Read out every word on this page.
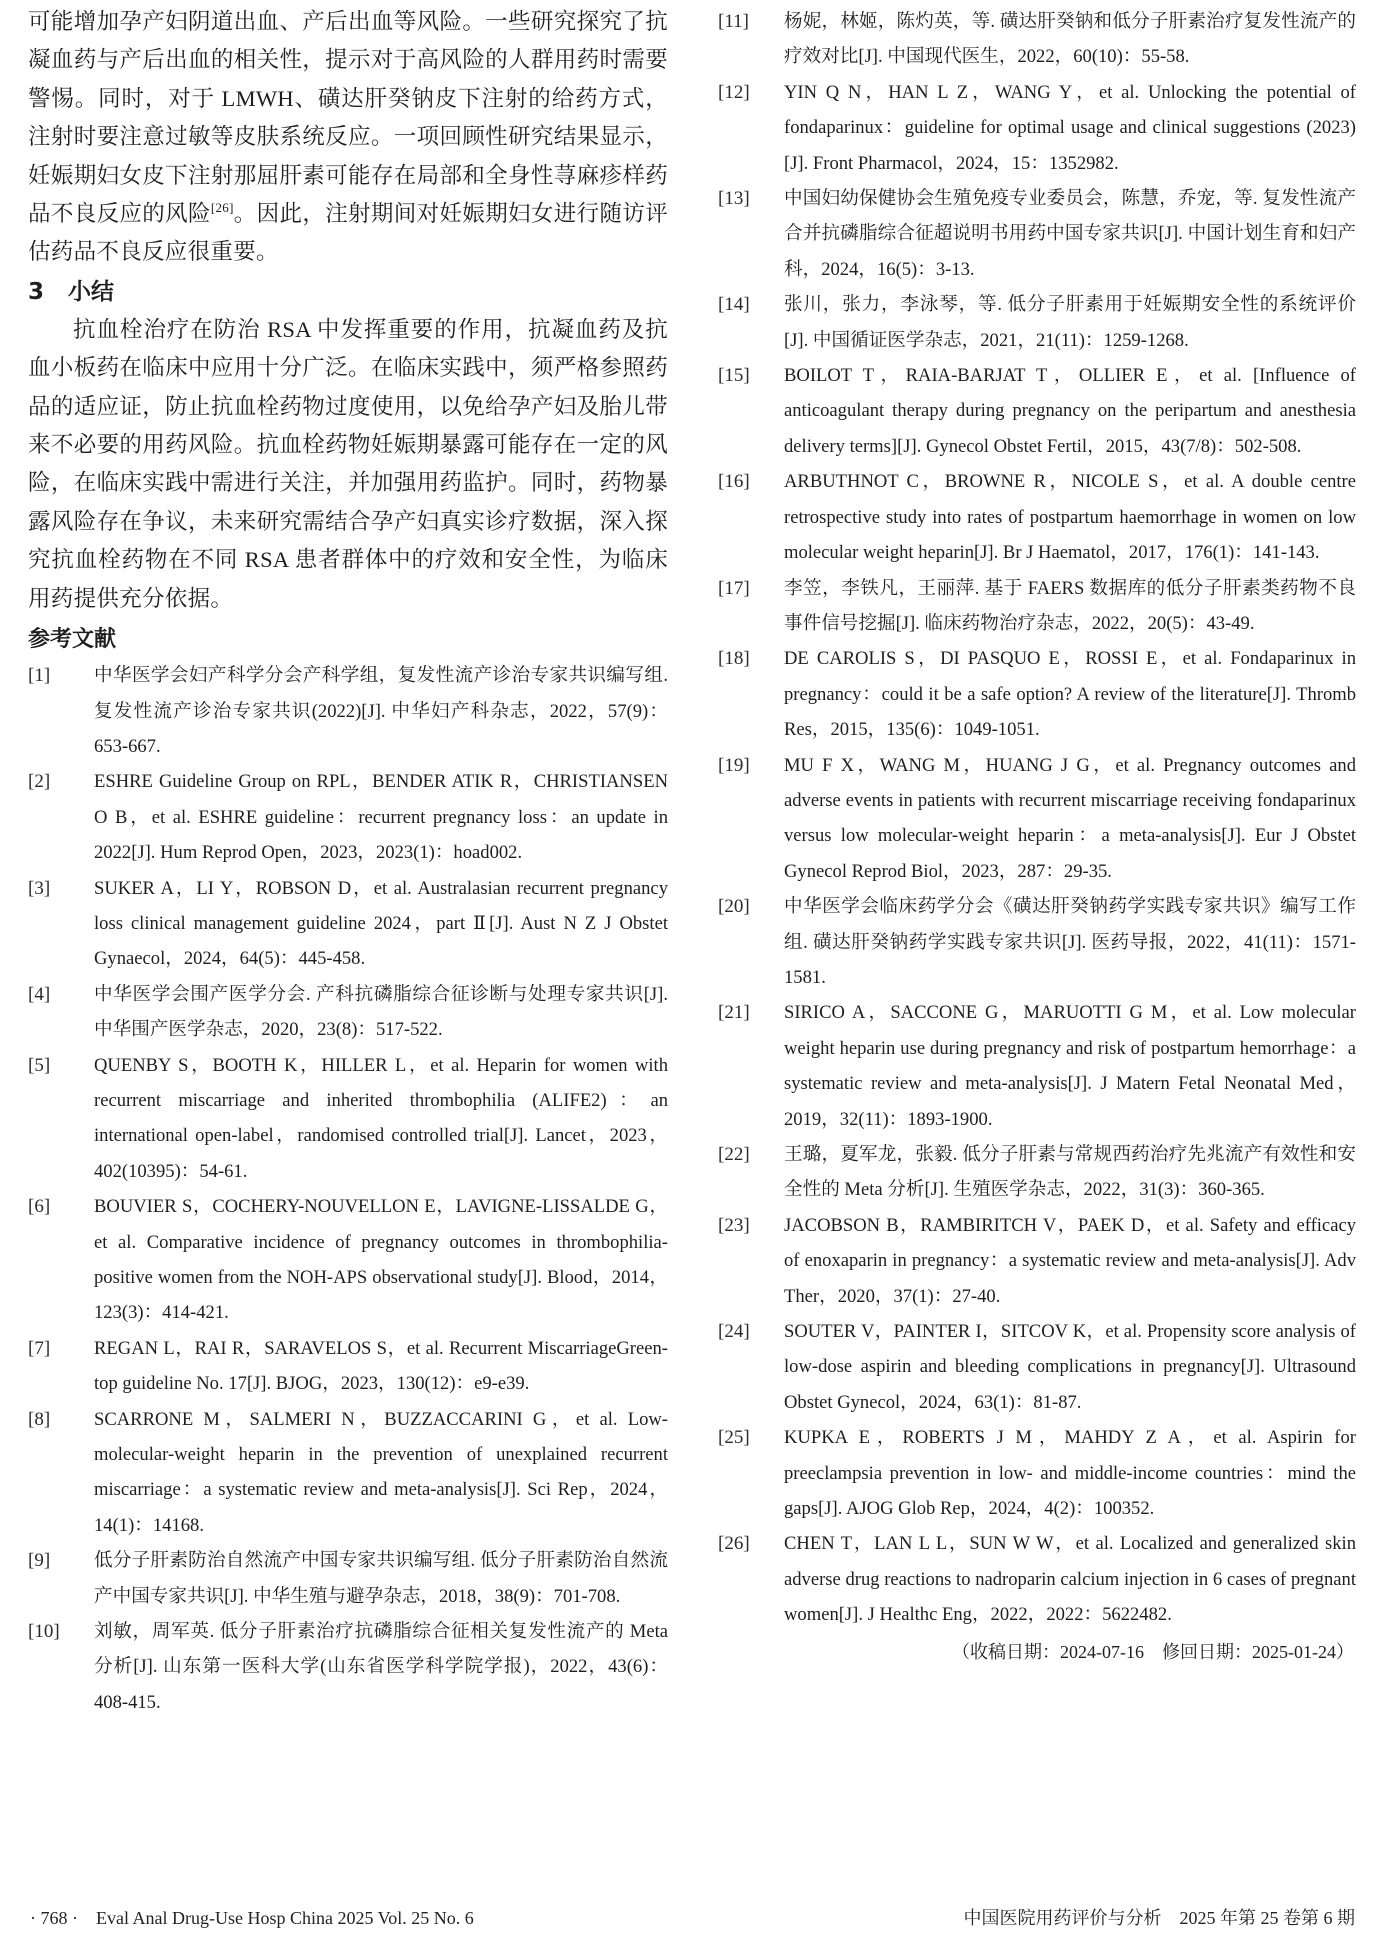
可能增加孕产妇阴道出血、产后出血等风险。一些研究探究了抗凝血药与产后出血的相关性，提示对于高风险的人群用药时需要警惕。同时，对于 LMWH、磺达肝癸钠皮下注射的给药方式，注射时要注意过敏等皮肤系统反应。一项回顾性研究结果显示，妊娠期妇女皮下注射那屈肝素可能存在局部和全身性荨麻疹样药品不良反应的风险[26]。因此，注射期间对妊娠期妇女进行随访评估药品不良反应很重要。

3 小结

抗血栓治疗在防治 RSA 中发挥重要的作用，抗凝血药及抗血小板药在临床中应用十分广泛。在临床实践中，须严格参照药品的适应证，防止抗血栓药物过度使用，以免给孕产妇及胎儿带来不必要的用药风险。抗血栓药物妊娠期暴露可能存在一定的风险，在临床实践中需进行关注，并加强用药监护。同时，药物暴露风险存在争议，未来研究需结合孕产妇真实诊疗数据，深入探究抗血栓药物在不同 RSA 患者群体中的疗效和安全性，为临床用药提供充分依据。

参考文献
[1] 中华医学会妇产科学分会产科学组，复发性流产诊治专家共识编写组. 复发性流产诊治专家共识(2022)[J]. 中华妇产科杂志，2022，57(9)：653-667.
[2] ESHRE Guideline Group on RPL，BENDER ATIK R，CHRISTIANSEN O B，et al. ESHRE guideline：recurrent pregnancy loss：an update in 2022[J]. Hum Reprod Open，2023，2023(1)：hoad002.
[3] SUKER A，LI Y，ROBSON D，et al. Australasian recurrent pregnancy loss clinical management guideline 2024，part Ⅱ[J]. Aust N Z J Obstet Gynaecol，2024，64(5)：445-458.
[4] 中华医学会围产医学分会. 产科抗磷脂综合征诊断与处理专家共识[J]. 中华围产医学杂志，2020，23(8)：517-522.
[5] QUENBY S，BOOTH K，HILLER L，et al. Heparin for women with recurrent miscarriage and inherited thrombophilia (ALIFE2)：an international open-label，randomised controlled trial[J]. Lancet，2023，402(10395)：54-61.
[6] BOUVIER S，COCHERY-NOUVELLON E，LAVIGNE-LISSALDE G，et al. Comparative incidence of pregnancy outcomes in thrombophilia-positive women from the NOH-APS observational study[J]. Blood，2014，123(3)：414-421.
[7] REGAN L，RAI R，SARAVELOS S，et al. Recurrent MiscarriageGreen-top guideline No. 17[J]. BJOG，2023，130(12)：e9-e39.
[8] SCARRONE M，SALMERI N，BUZZACCARINI G，et al. Low-molecular-weight heparin in the prevention of unexplained recurrent miscarriage：a systematic review and meta-analysis[J]. Sci Rep，2024，14(1)：14168.
[9] 低分子肝素防治自然流产中国专家共识编写组. 低分子肝素防治自然流产中国专家共识[J]. 中华生殖与避孕杂志，2018，38(9)：701-708.
[10] 刘敏，周军英. 低分子肝素治疗抗磷脂综合征相关复发性流产的 Meta 分析[J]. 山东第一医科大学(山东省医学科学院学报)，2022，43(6)：408-415.
[11] 杨妮，林姬，陈灼英，等. 磺达肝癸钠和低分子肝素治疗复发性流产的疗效对比[J]. 中国现代医生，2022，60(10)：55-58.
[12] YIN Q N，HAN L Z，WANG Y，et al. Unlocking the potential of fondaparinux：guideline for optimal usage and clinical suggestions (2023)[J]. Front Pharmacol，2024，15：1352982.
[13] 中国妇幼保健协会生殖免疫专业委员会，陈慧，乔宠，等. 复发性流产合并抗磷脂综合征超说明书用药中国专家共识[J]. 中国计划生育和妇产科，2024，16(5)：3-13.
[14] 张川，张力，李泳琴，等. 低分子肝素用于妊娠期安全性的系统评价[J]. 中国循证医学杂志，2021，21(11)：1259-1268.
[15] BOILOT T，RAIA-BARJAT T，OLLIER E，et al. [Influence of anticoagulant therapy during pregnancy on the peripartum and anesthesia delivery terms][J]. Gynecol Obstet Fertil，2015，43(7/8)：502-508.
[16] ARBUTHNOT C，BROWNE R，NICOLE S，et al. A double centre retrospective study into rates of postpartum haemorrhage in women on low molecular weight heparin[J]. Br J Haematol，2017，176(1)：141-143.
[17] 李笠，李铁凡，王丽萍. 基于 FAERS 数据库的低分子肝素类药物不良事件信号挖掘[J]. 临床药物治疗杂志，2022，20(5)：43-49.
[18] DE CAROLIS S，DI PASQUO E，ROSSI E，et al. Fondaparinux in pregnancy：could it be a safe option? A review of the literature[J]. Thromb Res，2015，135(6)：1049-1051.
[19] MU F X，WANG M，HUANG J G，et al. Pregnancy outcomes and adverse events in patients with recurrent miscarriage receiving fondaparinux versus low molecular-weight heparin：a meta-analysis[J]. Eur J Obstet Gynecol Reprod Biol，2023，287：29-35.
[20] 中华医学会临床药学分会《磺达肝癸钠药学实践专家共识》编写工作组. 磺达肝癸钠药学实践专家共识[J]. 医药导报，2022，41(11)：1571-1581.
[21] SIRICO A，SACCONE G，MARUOTTI G M，et al. Low molecular weight heparin use during pregnancy and risk of postpartum hemorrhage：a systematic review and meta-analysis[J]. J Matern Fetal Neonatal Med，2019，32(11)：1893-1900.
[22] 王璐，夏军龙，张毅. 低分子肝素与常规西药治疗先兆流产有效性和安全性的 Meta 分析[J]. 生殖医学杂志，2022，31(3)：360-365.
[23] JACOBSON B，RAMBIRITCH V，PAEK D，et al. Safety and efficacy of enoxaparin in pregnancy：a systematic review and meta-analysis[J]. Adv Ther，2020，37(1)：27-40.
[24] SOUTER V，PAINTER I，SITCOV K，et al. Propensity score analysis of low-dose aspirin and bleeding complications in pregnancy[J]. Ultrasound Obstet Gynecol，2024，63(1)：81-87.
[25] KUPKA E，ROBERTS J M，MAHDY Z A，et al. Aspirin for preeclampsia prevention in low- and middle-income countries：mind the gaps[J]. AJOG Glob Rep，2024，4(2)：100352.
[26] CHEN T，LAN L L，SUN W W，et al. Localized and generalized skin adverse drug reactions to nadroparin calcium injection in 6 cases of pregnant women[J]. J Healthc Eng，2022，2022：5622482.

（收稿日期：2024-07-16　修回日期：2025-01-24）

· 768 ·　Eval Anal Drug-Use Hosp China 2025 Vol. 25 No. 6	中国医院用药评价与分析　2025 年第 25 卷第 6 期
